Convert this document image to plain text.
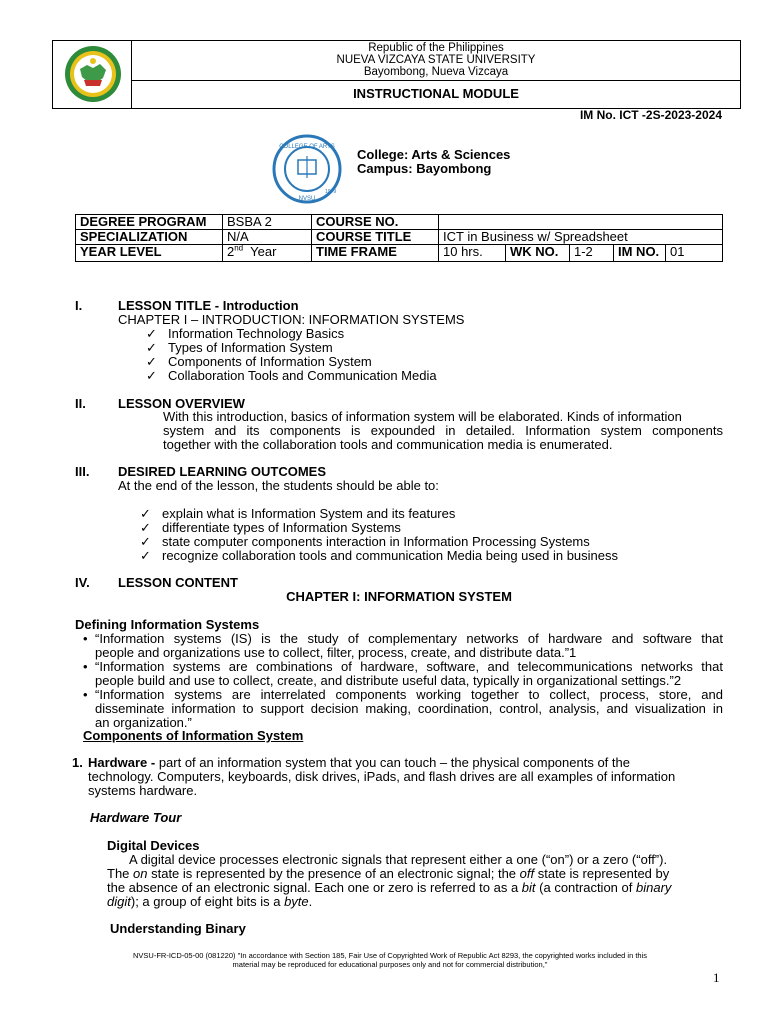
Republic of the Philippines
NUEVA VIZCAYA STATE UNIVERSITY
Bayombong, Nueva Vizcaya
INSTRUCTIONAL MODULE
IM No. ICT -2S-2023-2024
COLLEGE OF ARTS
NVSU
1979
College: Arts & Sciences
Campus: Bayombong
DEGREE PROGRAM	BSBA 2	COURSE NO.					
SPECIALIZATION	N/A	COURSE TITLE	ICT in Business w/ Spreadsheet				
YEAR LEVEL	2nd  Year	TIME FRAME	10 hrs.	WK NO.	1-2	IM NO.	01
I.	LESSON TITLE - Introduction
CHAPTER I – INTRODUCTION: INFORMATION SYSTEMS
✓ Information Technology Basics
✓ Types of Information System
✓ Components of Information System
✓ Collaboration Tools and Communication Media
II. LESSON OVERVIEW
With this introduction, basics of information system will be elaborated. Kinds of information
system and its components is expounded in detailed. Information system components
together with the collaboration tools and communication media is enumerated.
III. DESIRED LEARNING OUTCOMES
At the end of the lesson, the students should be able to:
✓ explain what is Information System and its features
✓ differentiate types of Information Systems
✓ state computer components interaction in Information Processing Systems
✓ recognize collaboration tools and communication Media being used in business
IV. LESSON CONTENT
CHAPTER I: INFORMATION SYSTEM
Defining Information Systems
• “Information systems (IS) is the study of complementary networks of hardware and software that
people and organizations use to collect, filter, process, create, and distribute data.”1
• “Information systems are combinations of hardware, software, and telecommunications networks that
people build and use to collect, create, and distribute useful data, typically in organizational settings.”2
• “Information systems are interrelated components working together to collect, process, store, and
disseminate information to support decision making, coordination, control, analysis, and visualization in
an organization.”
Components of Information System
1. Hardware - part of an information system that you can touch – the physical components of the
technology. Computers, keyboards, disk drives, iPads, and flash drives are all examples of information
systems hardware.
Hardware Tour
Digital Devices
A digital device processes electronic signals that represent either a one (“on”) or a zero (“off”).
The on state is represented by the presence of an electronic signal; the off state is represented by
the absence of an electronic signal. Each one or zero is referred to as a bit (a contraction of binary
digit); a group of eight bits is a byte.
Understanding Binary
NVSU-FR-ICD-05-00 (081220) "In accordance with Section 185, Fair Use of Copyrighted Work of Republic Act 8293, the copyrighted works included in this
material may be reproduced for educational purposes only and not for commercial distribution,"
1
